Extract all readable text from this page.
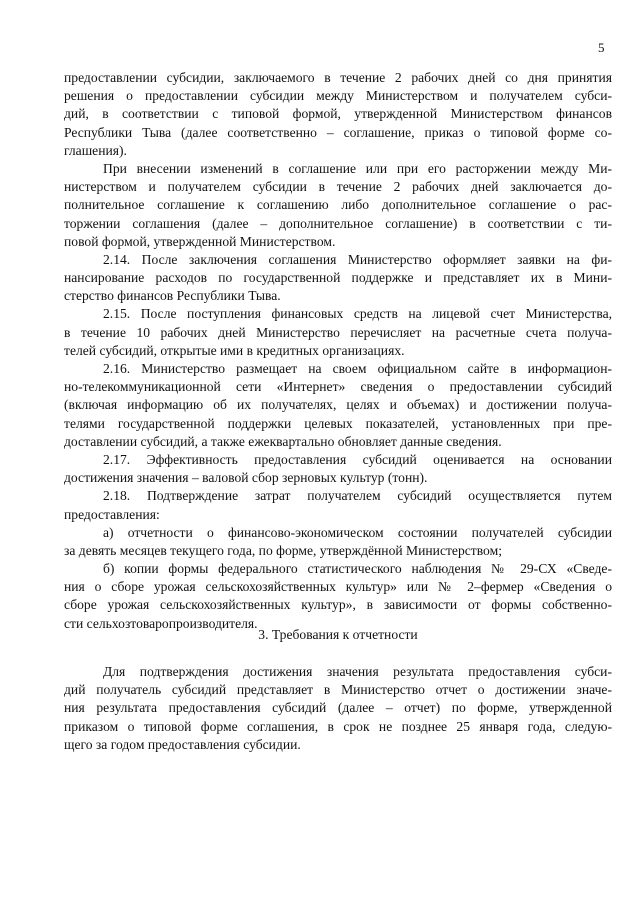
5
предоставлении субсидии, заключаемого в течение 2 рабочих дней со дня принятия
решения о предоставлении субсидии между Министерством и получателем субси-
дий, в соответствии с типовой формой, утвержденной Министерством финансов
Республики Тыва (далее соответственно – соглашение, приказ о типовой форме со-
глашения).
При внесении изменений в соглашение или при его расторжении между Ми-
нистерством и получателем субсидии в течение 2 рабочих дней заключается до-
полнительное соглашение к соглашению либо дополнительное соглашение о рас-
торжении соглашения (далее – дополнительное соглашение) в соответствии с ти-
повой формой, утвержденной Министерством.
2.14. После заключения соглашения Министерство оформляет заявки на фи-
нансирование расходов по государственной поддержке и представляет их в Мини-
стерство финансов Республики Тыва.
2.15. После поступления финансовых средств на лицевой счет Министерства,
в течение 10 рабочих дней Министерство перечисляет на расчетные счета получа-
телей субсидий, открытые ими в кредитных организациях.
2.16. Министерство размещает на своем официальном сайте в информацион-
но-телекоммуникационной сети «Интернет» сведения о предоставлении субсидий
(включая информацию об их получателях, целях и объемах) и достижении получа-
телями государственной поддержки целевых показателей, установленных при пре-
доставлении субсидий, а также ежеквартально обновляет данные сведения.
2.17. Эффективность предоставления субсидий оценивается на основании
достижения значения – валовой сбор зерновых культур (тонн).
2.18. Подтверждение затрат получателем субсидий осуществляется путем
предоставления:
а) отчетности о финансово-экономическом состоянии получателей субсидии
за девять месяцев текущего года, по форме, утверждённой Министерством;
б) копии формы федерального статистического наблюдения № 29-СХ «Сведе-
ния о сборе урожая сельскохозяйственных культур» или № 2–фермер «Сведения о
сборе урожая сельскохозяйственных культур», в зависимости от формы собственно-
сти сельхозтоваропроизводителя.
3. Требования к отчетности
Для подтверждения достижения значения результата предоставления субси-
дий получатель субсидий представляет в Министерство отчет о достижении значе-
ния результата предоставления субсидий (далее – отчет) по форме, утвержденной
приказом о типовой форме соглашения, в срок не позднее 25 января года, следую-
щего за годом предоставления субсидии.
